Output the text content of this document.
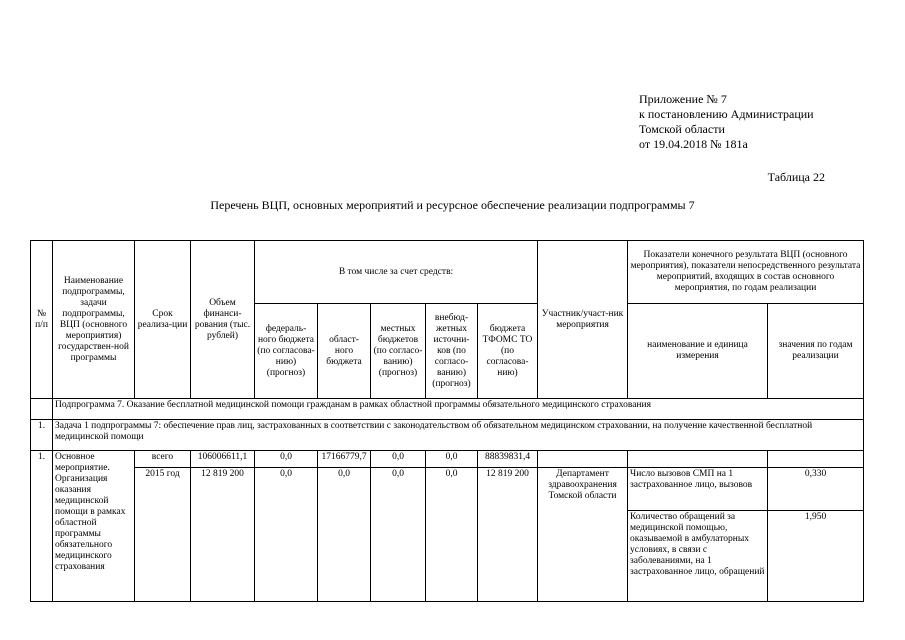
Приложение № 7
к постановлению Администрации
Томской области
от 19.04.2018 № 181а
Таблица 22
Перечень ВЦП, основных мероприятий и ресурсное обеспечение реализации подпрограммы 7
№ п/п	Наименование подпрограммы, задачи подпрограммы, ВЦП (основного мероприятия) государствен-ной программы	Срок реализа-ции	Объем финанси-рования (тыс. рублей)	В том числе за счет средств:					Участник/участ-ник мероприятия	Показатели конечного результата ВЦП (основного мероприятия), показатели непосредственного результата мероприятий, входящих в состав основного мероприятия, по годам реализации	
				федераль-ного бюджета (по согласова-нию) (прогноз)	област-ного бюджета	местных бюджетов (по согласо-ванию) (прогноз)	внебюд-жетных источни-ков (по согласо-ванию) (прогноз)	бюджета ТФОМС ТО (по согласова-нию)		наименование и единица измерения	значения по годам реализации
	Подпрограмма 7. Оказание бесплатной медицинской помощи гражданам в рамках областной программы обязательного медицинского страхования										
1.	Задача 1 подпрограммы 7: обеспечение прав лиц, застрахованных в соответствии с законодательством об обязательном медицинском страховании, на получение качественной бесплатной медицинской помощи										
1.	Основное мероприятие. Организация оказания медицинской помощи в рамках областной программы обязательного медицинского страхования	всего	106006611,1	0,0	17166779,7	0,0	0,0	88839831,4			
		2015 год	12 819 200	0,0	0,0	0,0	0,0	12 819 200	Департамент здравоохранения Томской области	Число вызовов СМП на 1 застрахованное лицо, вызовов	0,330
										Количество обращений за медицинской помощью, оказываемой в амбулаторных условиях, в связи с заболеваниями, на 1 застрахованное лицо, обращений	1,950
